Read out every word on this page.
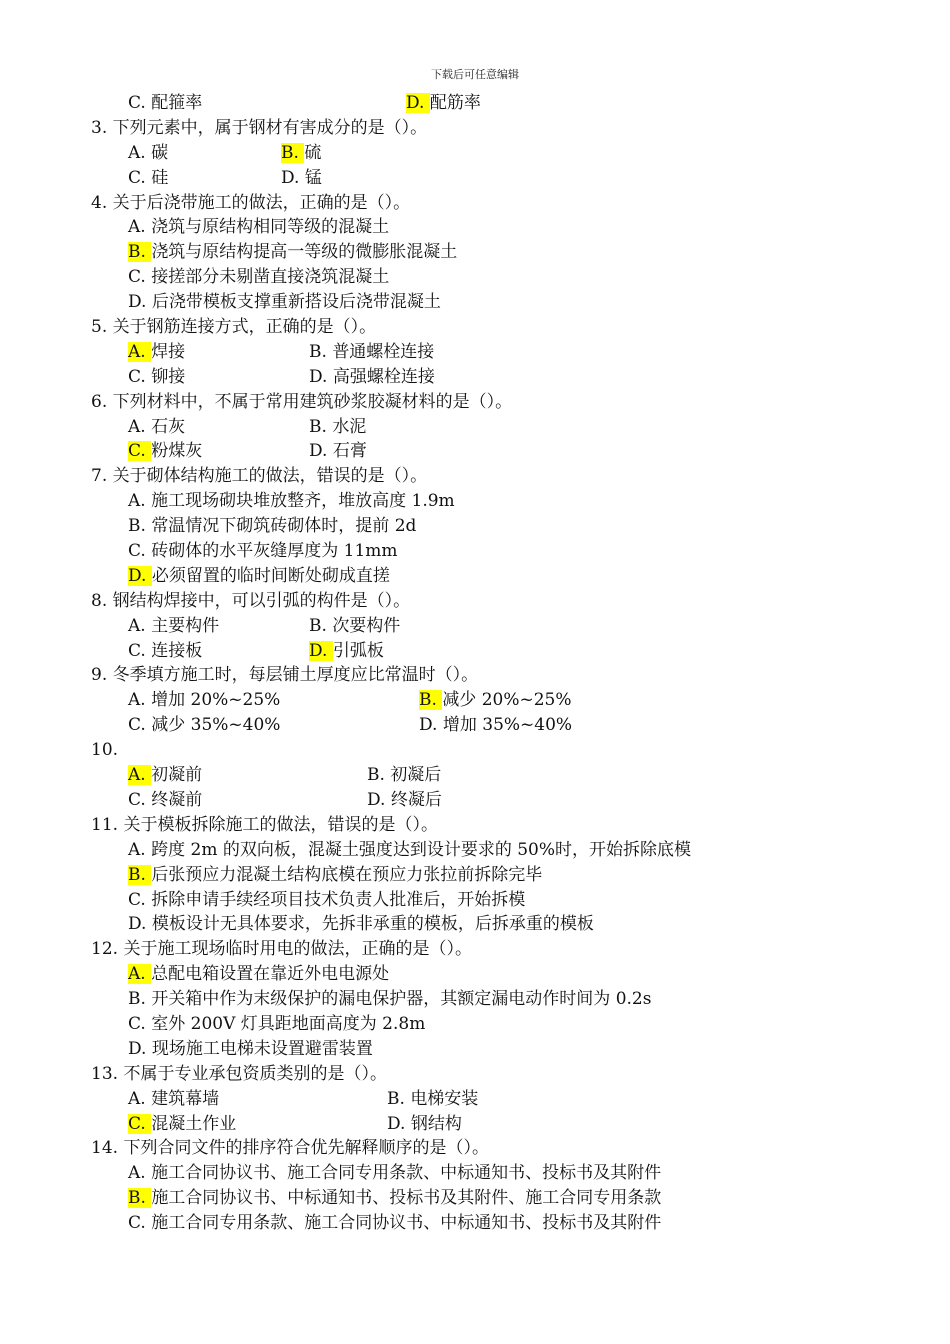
下载后可任意编辑
C. 配箍率	D. 配筋率
3. 下列元素中，属于钢材有害成分的是（）。
A. 碳	B. 硫
C. 硅	D. 锰
4. 关于后浇带施工的做法，正确的是（）。
A. 浇筑与原结构相同等级的混凝土
B. 浇筑与原结构提高一等级的微膨胀混凝土
C. 接搓部分未剔凿直接浇筑混凝土
D. 后浇带模板支撑重新搭设后浇带混凝土
5. 关于钢筋连接方式，正确的是（）。
A. 焊接	B. 普通螺栓连接
C. 铆接	D. 高强螺栓连接
6. 下列材料中，不属于常用建筑砂浆胶凝材料的是（）。
A. 石灰	B. 水泥
C. 粉煤灰	D. 石膏
7. 关于砌体结构施工的做法，错误的是（）。
A. 施工现场砌块堆放整齐，堆放高度 1.9m
B. 常温情况下砌筑砖砌体时，提前 2d
C. 砖砌体的水平灰缝厚度为 11mm
D. 必须留置的临时间断处砌成直搓
8. 钢结构焊接中，可以引弧的构件是（）。
A. 主要构件	B. 次要构件
C. 连接板	D. 引弧板
9. 冬季填方施工时，每层铺土厚度应比常温时（）。
A. 增加 20%~25%	B. 减少 20%~25%
C. 减少 35%~40%	D. 增加 35%~40%
10.
A. 初凝前	B. 初凝后
C. 终凝前	D. 终凝后
11. 关于模板拆除施工的做法，错误的是（）。
A. 跨度 2m 的双向板，混凝土强度达到设计要求的 50%时，开始拆除底模
B. 后张预应力混凝土结构底模在预应力张拉前拆除完毕
C. 拆除申请手续经项目技术负责人批准后，开始拆模
D. 模板设计无具体要求，先拆非承重的模板，后拆承重的模板
12. 关于施工现场临时用电的做法，正确的是（）。
A. 总配电箱设置在靠近外电电源处
B. 开关箱中作为末级保护的漏电保护器，其额定漏电动作时间为 0.2s
C. 室外 200V 灯具距地面高度为 2.8m
D. 现场施工电梯未设置避雷装置
13. 不属于专业承包资质类别的是（）。
A. 建筑幕墙	B. 电梯安装
C. 混凝土作业	D. 钢结构
14. 下列合同文件的排序符合优先解释顺序的是（）。
A. 施工合同协议书、施工合同专用条款、中标通知书、投标书及其附件
B. 施工合同协议书、中标通知书、投标书及其附件、施工合同专用条款
C. 施工合同专用条款、施工合同协议书、中标通知书、投标书及其附件
